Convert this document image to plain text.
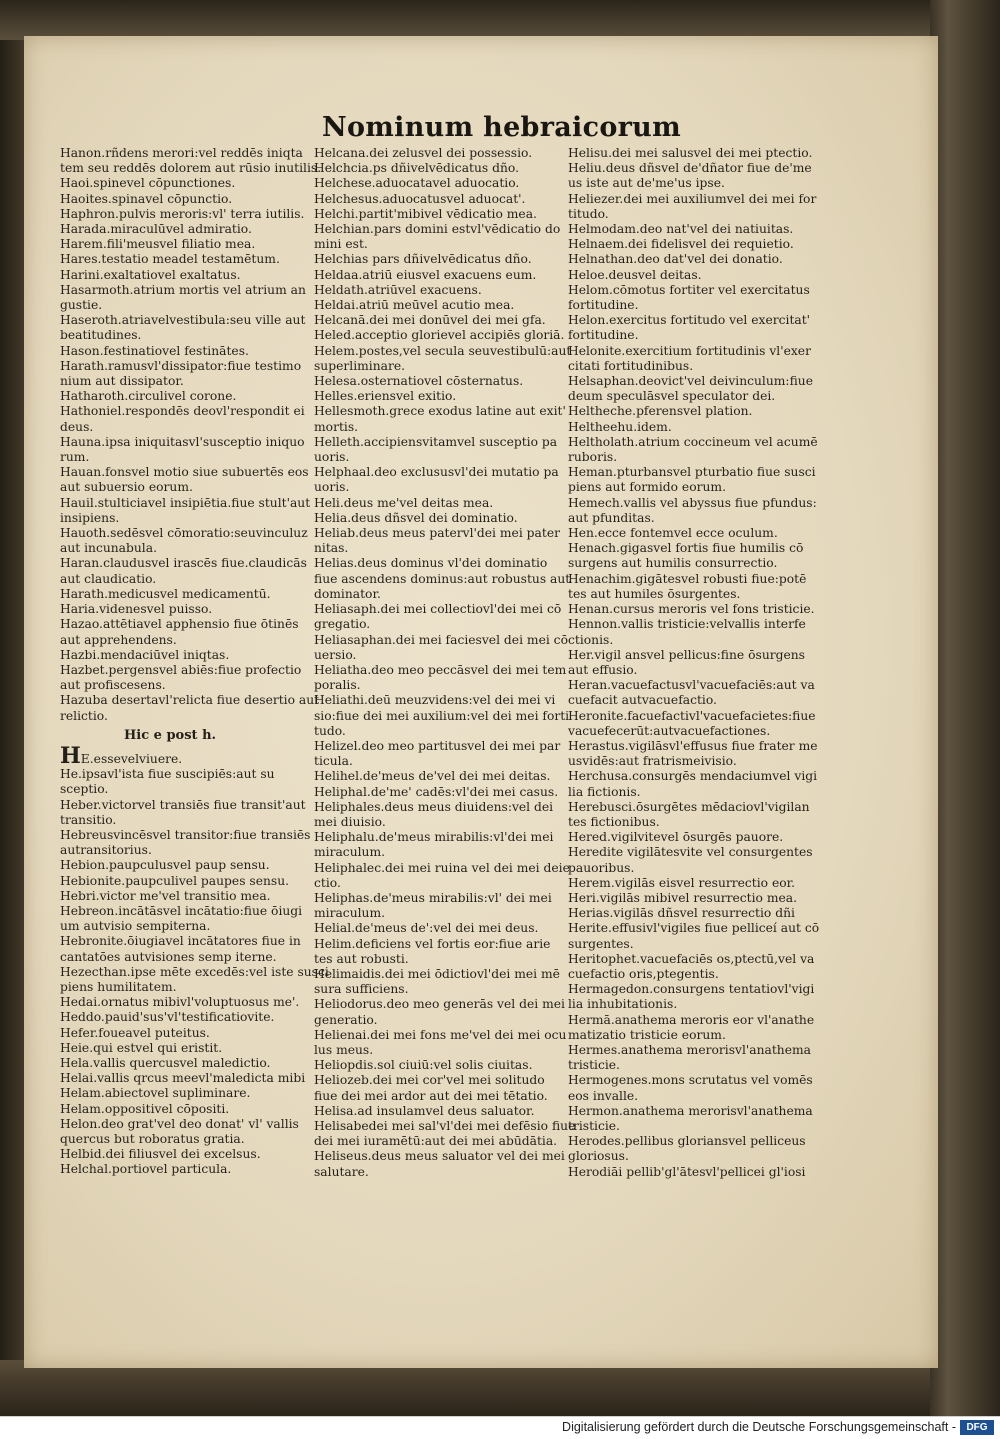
Nominum hebraicorum

Hanon.rñdens merori:vel reddēs iniqta

tem seu reddēs dolorem aut rūsio inutilis.

Haoi.spinevel cōpunctiones.

Haoites.spinavel cōpunctio.

Haphron.pulvis meroris:vl' terra iutilis.

Harada.miraculūvel admiratio.

Harem.fili'meusvel filiatio mea.

Hares.testatio meadel testamētum.

Harini.exaltatiovel exaltatus.

Hasarmoth.atrium mortis vel atrium an

gustie.

Haseroth.atriavelvestibula:seu ville aut

beatitudines.

Hason.festinatiovel festinātes.

Harath.ramusvl'dissipator:fiue testimo

nium aut dissipator.

Hatharoth.circulivel corone.

Hathoniel.respondēs deovl'respondit ei

deus.

Hauna.ipsa iniquitasvl'susceptio iniquo

rum.

Hauan.fonsvel motio siue subuertēs eos

aut subuersio eorum.

Hauil.stulticiavel insipiētia.fiue stult'aut

insipiens.

Hauoth.sedēsvel cōmoratio:seuvinculuz

aut incunabula.

Haran.claudusvel irascēs fiue.claudicās

aut claudicatio.

Harath.medicusvel medicamentū.

Haria.videnesvel puisso.

Hazao.attētiavel apphensio fiue ōtinēs

aut apprehendens.

Hazbi.mendaciūvel iniqtas.

Hazbet.pergensvel abiēs:fiue profectio

aut profiscesens.

Hazuba desertavl'relicta fiue desertio aut

relictio.

Hic e post h.

HE.essevelviuere.

He.ipsavl'ista fiue suscipiēs:aut su

sceptio.

Heber.victorvel transiēs fiue transit'aut

transitio.

Hebreusvincēsvel transitor:fiue transiēs

autransitorius.

Hebion.paupculusvel paup sensu.

Hebionite.paupculivel paupes sensu.

Hebri.victor me'vel transitio mea.

Hebreon.incātāsvel incātatio:fiue ōiugi

um autvisio sempiterna.

Hebronite.ōiugiavel incātatores fiue in

cantatōes autvisiones semp iterne.

Hezecthan.ipse mēte excedēs:vel iste susci

piens humilitatem.

Hedai.ornatus mibivl'voluptuosus me'.

Heddo.pauid'sus'vl'testificatiovite.

Hefer.foueavel puteitus.

Heie.qui estvel qui eristit.

Hela.vallis quercusvel maledictio.

Helai.vallis qrcus meevl'maledicta mibi

Helam.abiectovel supliminare.

Helam.oppositivel cōpositi.

Helon.deo grat'vel deo donat' vl' vallis

quercus but roboratus gratia.

Helbid.dei filiusvel dei excelsus.

Helchal.portiovel particula.

Helcana.dei zelusvel dei possessio.

Helchcia.ps dñivelvēdicatus dño.

Helchese.aduocatavel aduocatio.

Helchesus.aduocatusvel aduocat'.

Helchi.partit'mibivel vēdicatio mea.

Helchian.pars domini estvl'vēdicatio do

mini est.

Helchias pars dñivelvēdicatus dño.

Heldaa.atriū eiusvel exacuens eum.

Heldath.atriūvel exacuens.

Heldai.atriū meūvel acutio mea.

Helcanā.dei mei donūvel dei mei gfa.

Heled.acceptio glorievel accipiēs gloriā.

Helem.postes,vel secula seuvestibulū:aut

superliminare.

Helesa.osternatiovel cōsternatus.

Helles.eriensvel exitio.

Hellesmoth.grece exodus latine aut exit'

mortis.

Helleth.accipiensvitamvel susceptio pa

uoris.

Helphaal.deo exclususvl'dei mutatio pa

uoris.

Heli.deus me'vel deitas mea.

Helia.deus dñsvel dei dominatio.

Heliab.deus meus patervl'dei mei pater

nitas.

Helias.deus dominus vl'dei dominatio

fiue ascendens dominus:aut robustus aut

dominator.

Heliasaph.dei mei collectiovl'dei mei cō

gregatio.

Heliasaphan.dei mei faciesvel dei mei cō

uersio.

Heliatha.deo meo peccāsvel dei mei tem

poralis.

Heliathi.deū meuzvidens:vel dei mei vi

sio:fiue dei mei auxilium:vel dei mei forti

tudo.

Helizel.deo meo partitusvel dei mei par

ticula.

Helihel.de'meus de'vel dei mei deitas.

Heliphal.de'me' cadēs:vl'dei mei casus.

Heliphales.deus meus diuidens:vel dei

mei diuisio.

Heliphalu.de'meus mirabilis:vl'dei mei

miraculum.

Heliphalec.dei mei ruina vel dei mei deie

ctio.

Heliphas.de'meus mirabilis:vl' dei mei

miraculum.

Helial.de'meus de':vel dei mei deus.

Helim.deficiens vel fortis eor:fiue arie

tes aut robusti.

Helimaidis.dei mei ōdictiovl'dei mei mē

sura sufficiens.

Heliodorus.deo meo generās vel dei mei

generatio.

Helienai.dei mei fons me'vel dei mei ocu

lus meus.

Heliopdis.sol ciuiū:vel solis ciuitas.

Heliozeb.dei mei cor'vel mei solitudo

fiue dei mei ardor aut dei mei tētatio.

Helisa.ad insulamvel deus saluator.

Helisabedei mei sal'vl'dei mei defēsio fiue

dei mei iuramētū:aut dei mei abūdātia.

Heliseus.deus meus saluator vel dei mei

salutare.

Helisu.dei mei salusvel dei mei ptectio.

Heliu.deus dñsvel de'dñator fiue de'me

us iste aut de'me'us ipse.

Heliezer.dei mei auxiliumvel dei mei for

titudo.

Helmodam.deo nat'vel dei natiuitas.

Helnaem.dei fidelisvel dei requietio.

Helnathan.deo dat'vel dei donatio.

Heloe.deusvel deitas.

Helom.cōmotus fortiter vel exercitatus

fortitudine.

Helon.exercitus fortitudo vel exercitat'

fortitudine.

Helonite.exercitium fortitudinis vl'exer

citati fortitudinibus.

Helsaphan.deovict'vel deivinculum:fiue

deum speculāsvel speculator dei.

Heltheche.pferensvel plation.

Heltheehu.idem.

Heltholath.atrium coccineum vel acumē

ruboris.

Heman.pturbansvel pturbatio fiue susci

piens aut formido eorum.

Hemech.vallis vel abyssus fiue pfundus:

aut pfunditas.

Hen.ecce fontemvel ecce oculum.

Henach.gigasvel fortis fiue humilis cō

surgens aut humilis consurrectio.

Henachim.gigātesvel robusti fiue:potē

tes aut humiles ōsurgentes.

Henan.cursus meroris vel fons tristicie.

Hennon.vallis tristicie:velvallis interfe

ctionis.

Her.vigil ansvel pellicus:fine ōsurgens

aut effusio.

Heran.vacuefactusvl'vacuefaciēs:aut va

cuefacit autvacuefactio.

Heronite.facuefactivl'vacuefacietes:fiue

vacuefecerūt:autvacuefactiones.

Herastus.vigilāsvl'effusus fiue frater me

usvidēs:aut fratrismeivisio.

Herchusa.consurgēs mendaciumvel vigi

lia fictionis.

Herebusci.ōsurgētes mēdaciovl'vigilan

tes fictionibus.

Hered.vigilvitevel ōsurgēs pauore.

Heredite vigilātesvite vel consurgentes

pauoribus.

Herem.vigilās eisvel resurrectio eor.

Heri.vigilās mibivel resurrectio mea.

Herias.vigilās dñsvel resurrectio dñi

Herite.effusivl'vigiles fiue pelliceí aut cō

surgentes.

Heritophet.vacuefaciēs os,ptectū,vel va

cuefactio oris,ptegentis.

Hermagedon.consurgens tentatiovl'vigi

lia inhubitationis.

Hermā.anathema meroris eor vl'anathe

matizatio tristicie eorum.

Hermes.anathema merorisvl'anathema

tristicie.

Hermogenes.mons scrutatus vel vomēs

eos invalle.

Hermon.anathema merorisvl'anathema

tristicie.

Herodes.pellibus gloriansvel pelliceus

gloriosus.

Herodiāi pellib'gl'ātesvl'pellicei gl'iosi

Digitalisierung gefördert durch die Deutsche Forschungsgemeinschaft -	DFG
